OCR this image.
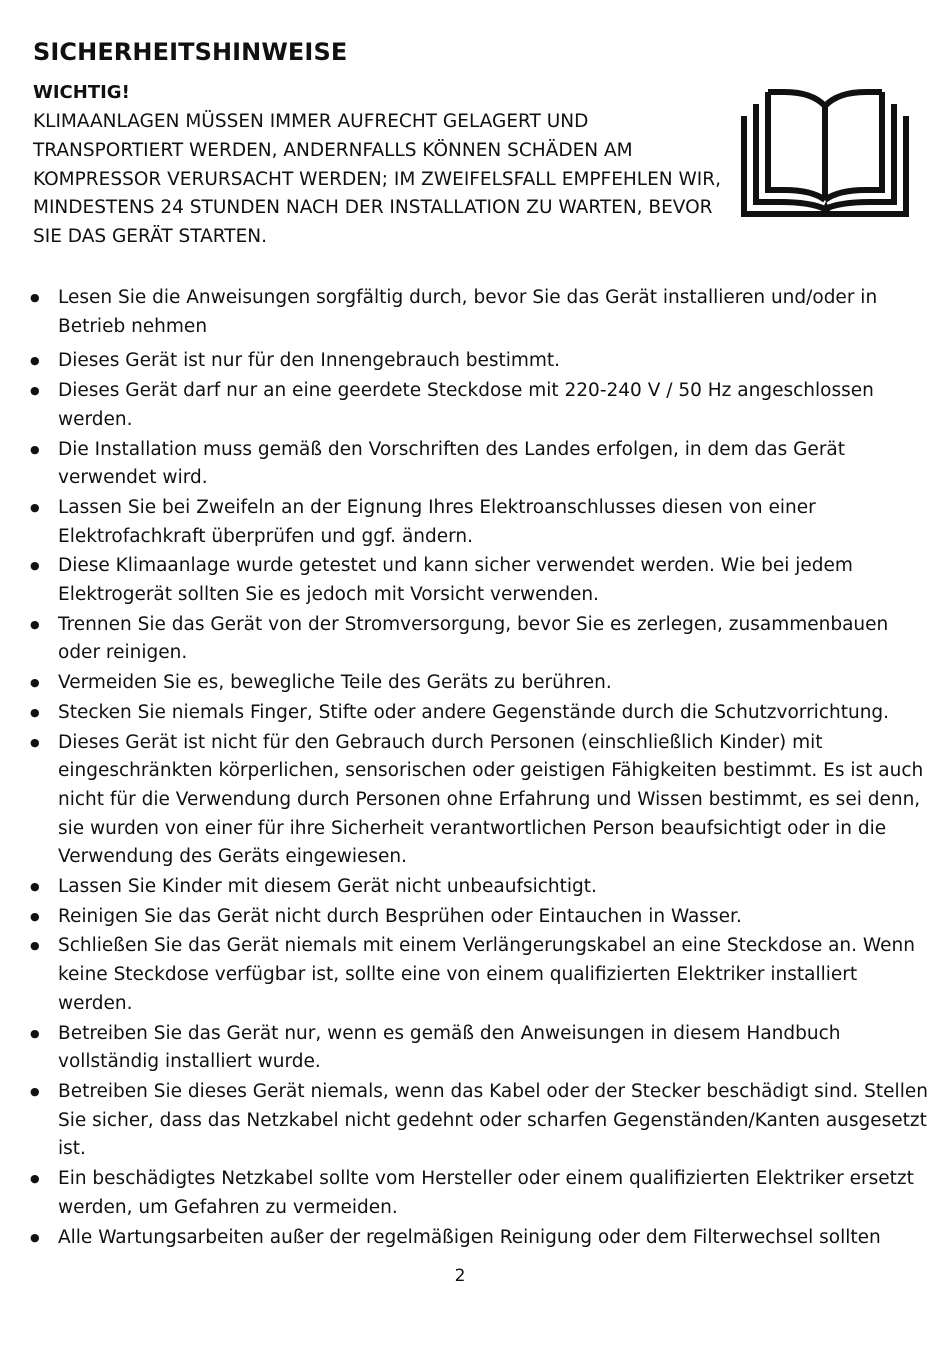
SICHERHEITSHINWEISE
WICHTIG!
KLIMAANLAGEN MÜSSEN IMMER AUFRECHT GELAGERT UND
TRANSPORTIERT WERDEN, ANDERNFALLS KÖNNEN SCHÄDEN AM
KOMPRESSOR VERURSACHT WERDEN; IM ZWEIFELSFALL EMPFEHLEN WIR,
MINDESTENS 24 STUNDEN NACH DER INSTALLATION ZU WARTEN, BEVOR
SIE DAS GERÄT STARTEN.
● Lesen Sie die Anweisungen sorgfältig durch, bevor Sie das Gerät installieren und/oder in Betrieb nehmen
● Dieses Gerät ist nur für den Innengebrauch bestimmt.
● Dieses Gerät darf nur an eine geerdete Steckdose mit 220-240 V / 50 Hz angeschlossen werden.
● Die Installation muss gemäß den Vorschriften des Landes erfolgen, in dem das Gerät verwendet wird.
● Lassen Sie bei Zweifeln an der Eignung Ihres Elektroanschlusses diesen von einer Elektrofachkraft überprüfen und ggf. ändern.
● Diese Klimaanlage wurde getestet und kann sicher verwendet werden. Wie bei jedem Elektrogerät sollten Sie es jedoch mit Vorsicht verwenden.
● Trennen Sie das Gerät von der Stromversorgung, bevor Sie es zerlegen, zusammenbauen oder reinigen.
● Vermeiden Sie es, bewegliche Teile des Geräts zu berühren.
● Stecken Sie niemals Finger, Stifte oder andere Gegenstände durch die Schutzvorrichtung.
● Dieses Gerät ist nicht für den Gebrauch durch Personen (einschließlich Kinder) mit eingeschränkten körperlichen, sensorischen oder geistigen Fähigkeiten bestimmt. Es ist auch nicht für die Verwendung durch Personen ohne Erfahrung und Wissen bestimmt, es sei denn, sie wurden von einer für ihre Sicherheit verantwortlichen Person beaufsichtigt oder in die Verwendung des Geräts eingewiesen.
● Lassen Sie Kinder mit diesem Gerät nicht unbeaufsichtigt.
● Reinigen Sie das Gerät nicht durch Besprühen oder Eintauchen in Wasser.
● Schließen Sie das Gerät niemals mit einem Verlängerungskabel an eine Steckdose an. Wenn keine Steckdose verfügbar ist, sollte eine von einem qualifizierten Elektriker installiert werden.
● Betreiben Sie das Gerät nur, wenn es gemäß den Anweisungen in diesem Handbuch vollständig installiert wurde.
● Betreiben Sie dieses Gerät niemals, wenn das Kabel oder der Stecker beschädigt sind. Stellen Sie sicher, dass das Netzkabel nicht gedehnt oder scharfen Gegenständen/Kanten ausgesetzt ist.
● Ein beschädigtes Netzkabel sollte vom Hersteller oder einem qualifizierten Elektriker ersetzt werden, um Gefahren zu vermeiden.
● Alle Wartungsarbeiten außer der regelmäßigen Reinigung oder dem Filterwechsel sollten
2
